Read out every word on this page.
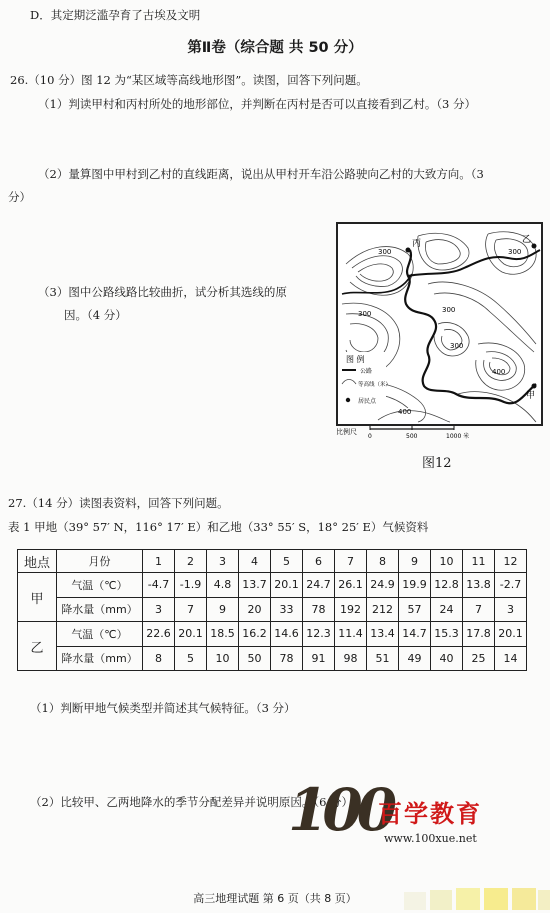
D．其定期泛滥孕育了古埃及文明
第Ⅱ卷（综合题 共 50 分）
26.（10 分）图 12 为“某区域等高线地形图”。读图，回答下列问题。
（1）判读甲村和丙村所处的地形部位，并判断在丙村是否可以直接看到乙村。（3 分）
（2）量算图中甲村到乙村的直线距离，说出从甲村开车沿公路驶向乙村的大致方向。（3
分）
（3）图中公路线路比较曲折，试分析其选线的原
因。（4 分）
300	300
300
300
300
400
400
丙	乙
甲
图 例
公路
等高线（米）
居民点
比例尺
0	500	1000 米
图12
27.（14 分）读图表资料，回答下列问题。
表 1 甲地（39° 57′ N，116° 17′ E）和乙地（33° 55′ S，18° 25′ E）气候资料
地点	月份	1	2	3	4	5	6	7	8	9	10	11	12
甲	气温（℃）	-4.7	-1.9	4.8	13.7	20.1	24.7	26.1	24.9	19.9	12.8	13.8	-2.7
	降水量（mm）	3	7	9	20	33	78	192	212	57	24	7	3
乙	气温（℃）	22.6	20.1	18.5	16.2	14.6	12.3	11.4	13.4	14.7	15.3	17.8	20.1
	降水量（mm）	8	5	10	50	78	91	98	51	49	40	25	14
（1）判断甲地气候类型并简述其气候特征。（3 分）
（2）比较甲、乙两地降水的季节分配差异并说明原因。（6 分）
100
百学教育
www.100xue.net
高三地理试题 第 6 页（共 8 页）
